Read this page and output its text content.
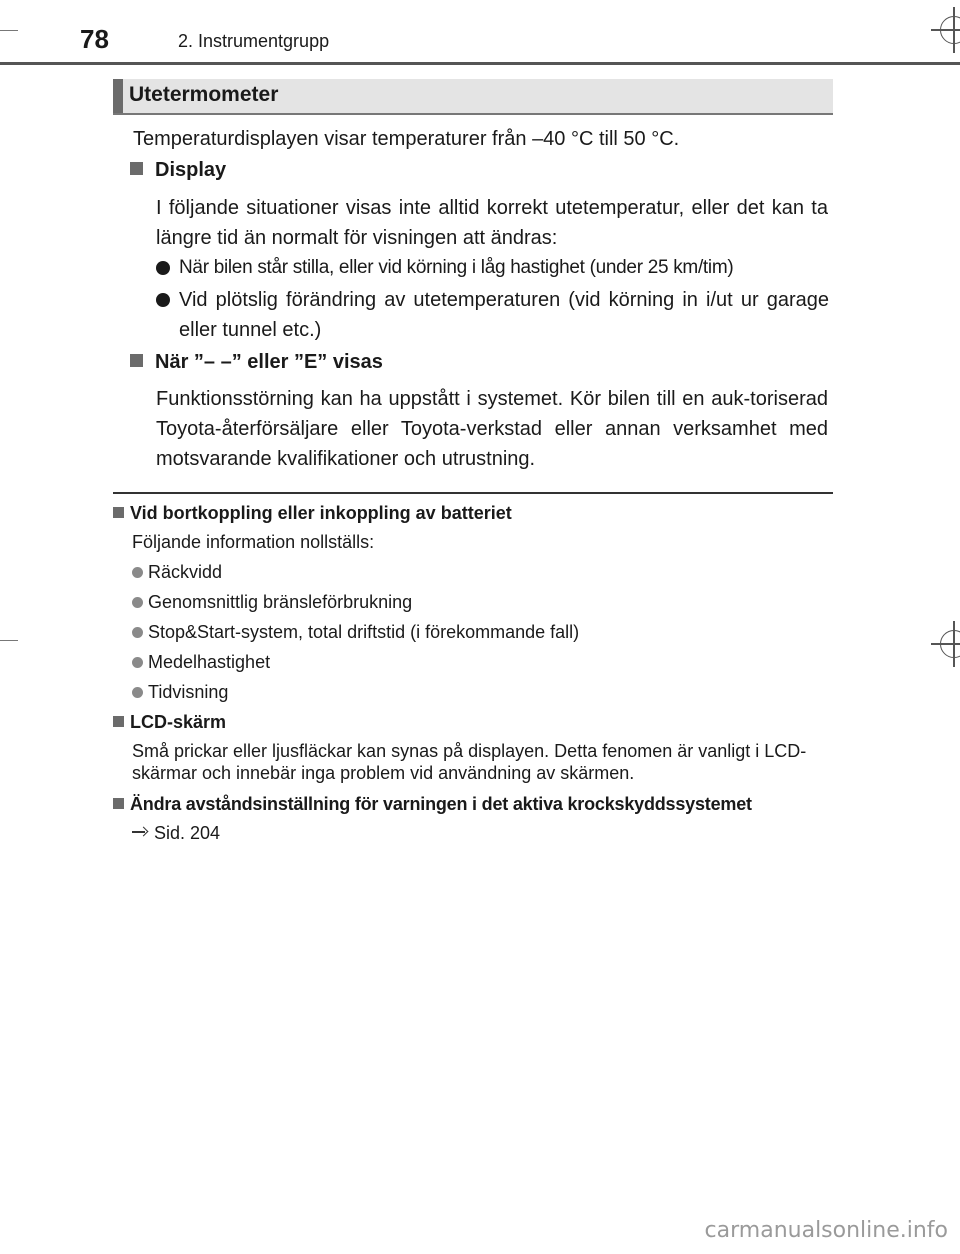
78	2. Instrumentgrupp
Utetermometer
Temperaturdisplayen visar temperaturer från –40 °C till 50 °C.
Display
I följande situationer visas inte alltid korrekt utetemperatur, eller det kan ta längre tid än normalt för visningen att ändras:
När bilen står stilla, eller vid körning i låg hastighet (under 25 km/tim)
Vid plötslig förändring av utetemperaturen (vid körning in i/ut ur garage eller tunnel etc.)
När ”– –” eller ”E” visas
Funktionsstörning kan ha uppstått i systemet. Kör bilen till en auk-toriserad Toyota-återförsäljare eller Toyota-verkstad eller annan verksamhet med motsvarande kvalifikationer och utrustning.
Vid bortkoppling eller inkoppling av batteriet
Följande information nollställs:
Räckvidd
Genomsnittlig bränsleförbrukning
Stop&Start-system, total driftstid (i förekommande fall)
Medelhastighet
Tidvisning
LCD-skärm
Små prickar eller ljusfläckar kan synas på displayen. Detta fenomen är vanligt i LCD-skärmar och innebär inga problem vid användning av skärmen.
Ändra avståndsinställning för varningen i det aktiva krockskyddssystemet
Sid. 204
carmanualsonline.info
